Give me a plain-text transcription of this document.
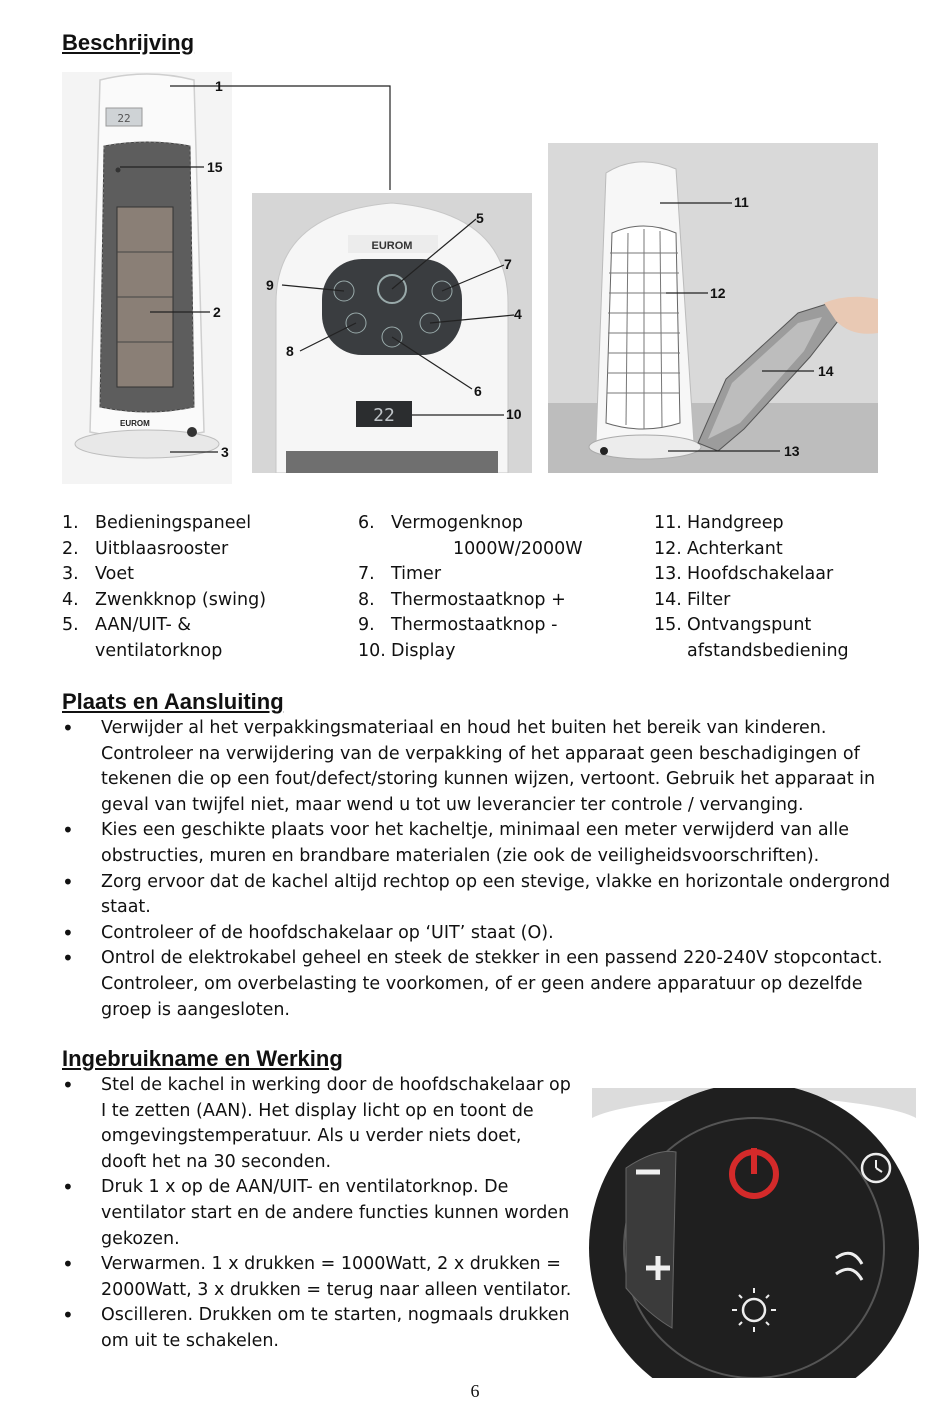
Beschrijving
22
EUROM
1
15
2
3
EUROM
22
5
7
4
9
8
6
10
11
12
14
13
1. Bedieningspaneel
2. Uitblaasrooster
3. Voet
4. Zwenkknop (swing)
5. AAN/UIT- &
ventilatorknop
6. Vermogenknop
1000W/2000W
7. Timer
8. Thermostaatknop +
9. Thermostaatknop -
10. Display
11. Handgreep
12. Achterkant
13. Hoofdschakelaar
14. Filter
15. Ontvangspunt
afstandsbediening
Plaats en Aansluiting
• Verwijder al het verpakkingsmateriaal en houd het buiten het bereik van kinderen. Controleer na verwijdering van de verpakking of het apparaat geen beschadigingen of tekenen die op een fout/defect/storing kunnen wijzen, vertoont. Gebruik het apparaat in geval van twijfel niet, maar wend u tot uw leverancier ter controle / vervanging.
• Kies een geschikte plaats voor het kacheltje, minimaal een meter verwijderd van alle obstructies, muren en brandbare materialen (zie ook de veiligheidsvoorschriften).
• Zorg ervoor dat de kachel altijd rechtop op een stevige, vlakke en horizontale ondergrond staat.
• Controleer of de hoofdschakelaar op ‘UIT’ staat (O).
• Ontrol de elektrokabel geheel en steek de stekker in een passend 220-240V stopcontact. Controleer, om overbelasting te voorkomen, of er geen andere apparatuur op dezelfde groep is aangesloten.
Ingebruikname en Werking
• Stel de kachel in werking door de hoofdschakelaar op I te zetten (AAN). Het display licht op en toont de omgevingstemperatuur. Als u verder niets doet, dooft het na 30 seconden.
• Druk 1 x op de AAN/UIT- en ventilatorknop. De ventilator start en de andere functies kunnen worden gekozen.
• Verwarmen. 1 x drukken = 1000Watt, 2 x drukken = 2000Watt, 3 x drukken = terug naar alleen ventilator.
• Oscilleren. Drukken om te starten, nogmaals drukken om uit te schakelen.
6
